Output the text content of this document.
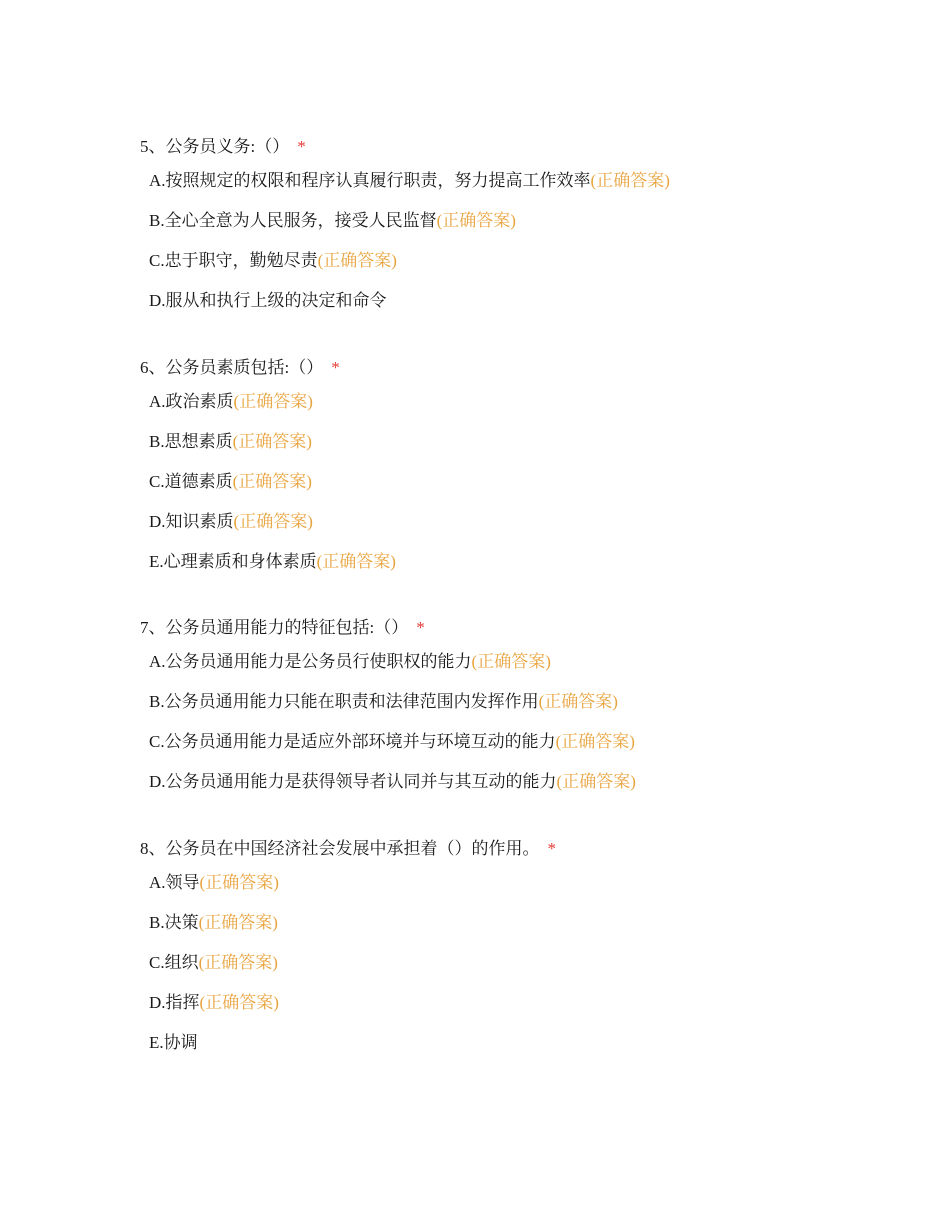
5、公务员义务:（） *
A.按照规定的权限和程序认真履行职责，努力提高工作效率(正确答案)
B.全心全意为人民服务，接受人民监督(正确答案)
C.忠于职守，勤勉尽责(正确答案)
D.服从和执行上级的决定和命令
6、公务员素质包括:（） *
A.政治素质(正确答案)
B.思想素质(正确答案)
C.道德素质(正确答案)
D.知识素质(正确答案)
E.心理素质和身体素质(正确答案)
7、公务员通用能力的特征包括:（） *
A.公务员通用能力是公务员行使职权的能力(正确答案)
B.公务员通用能力只能在职责和法律范围内发挥作用(正确答案)
C.公务员通用能力是适应外部环境并与环境互动的能力(正确答案)
D.公务员通用能力是获得领导者认同并与其互动的能力(正确答案)
8、公务员在中国经济社会发展中承担着（）的作用。 *
A.领导(正确答案)
B.决策(正确答案)
C.组织(正确答案)
D.指挥(正确答案)
E.协调
